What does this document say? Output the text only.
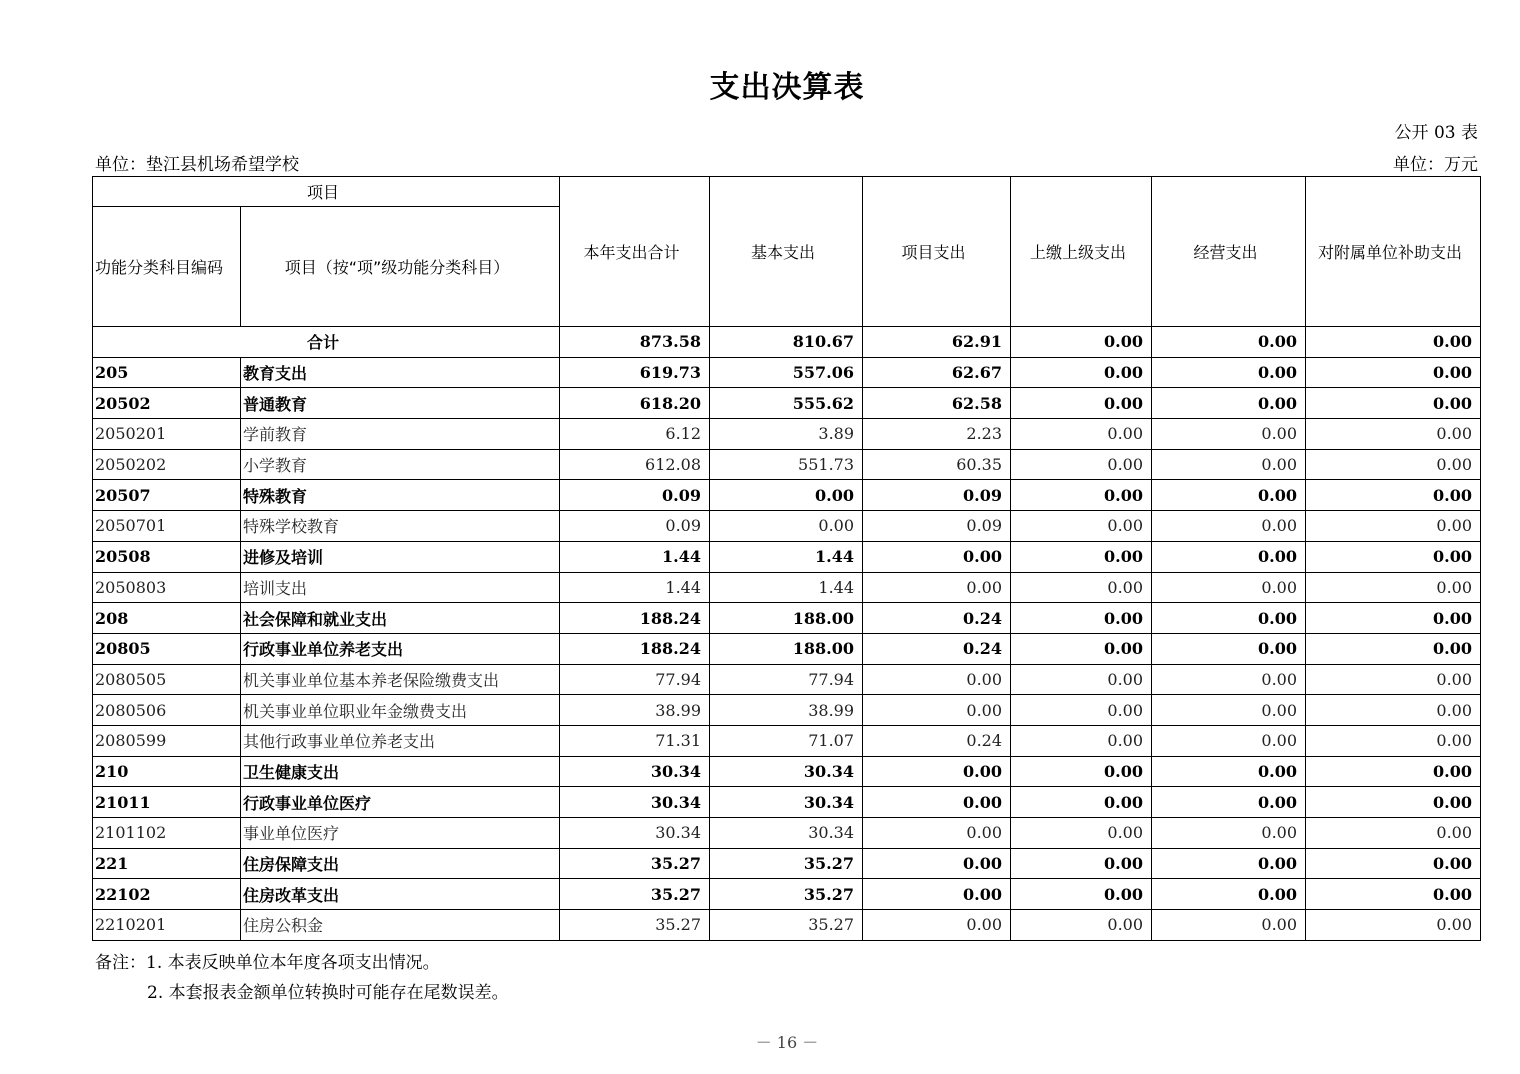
支出决算表
公开 03 表
单位：垫江县机场希望学校	单位：万元
项目		本年支出合计	基本支出	项目支出	上缴上级支出	经营支出	对附属单位补助支出
功能分类科目编码	项目（按“项”级功能分类科目）						
合计		873.58	810.67	62.91	0.00	0.00	0.00
205	教育支出	619.73	557.06	62.67	0.00	0.00	0.00
20502	普通教育	618.20	555.62	62.58	0.00	0.00	0.00
2050201	学前教育	6.12	3.89	2.23	0.00	0.00	0.00
2050202	小学教育	612.08	551.73	60.35	0.00	0.00	0.00
20507	特殊教育	0.09	0.00	0.09	0.00	0.00	0.00
2050701	特殊学校教育	0.09	0.00	0.09	0.00	0.00	0.00
20508	进修及培训	1.44	1.44	0.00	0.00	0.00	0.00
2050803	培训支出	1.44	1.44	0.00	0.00	0.00	0.00
208	社会保障和就业支出	188.24	188.00	0.24	0.00	0.00	0.00
20805	行政事业单位养老支出	188.24	188.00	0.24	0.00	0.00	0.00
2080505	机关事业单位基本养老保险缴费支出	77.94	77.94	0.00	0.00	0.00	0.00
2080506	机关事业单位职业年金缴费支出	38.99	38.99	0.00	0.00	0.00	0.00
2080599	其他行政事业单位养老支出	71.31	71.07	0.24	0.00	0.00	0.00
210	卫生健康支出	30.34	30.34	0.00	0.00	0.00	0.00
21011	行政事业单位医疗	30.34	30.34	0.00	0.00	0.00	0.00
2101102	事业单位医疗	30.34	30.34	0.00	0.00	0.00	0.00
221	住房保障支出	35.27	35.27	0.00	0.00	0.00	0.00
22102	住房改革支出	35.27	35.27	0.00	0.00	0.00	0.00
2210201	住房公积金	35.27	35.27	0.00	0.00	0.00	0.00
备注：1. 本表反映单位本年度各项支出情况。
2. 本套报表金额单位转换时可能存在尾数误差。
－ 16 －
